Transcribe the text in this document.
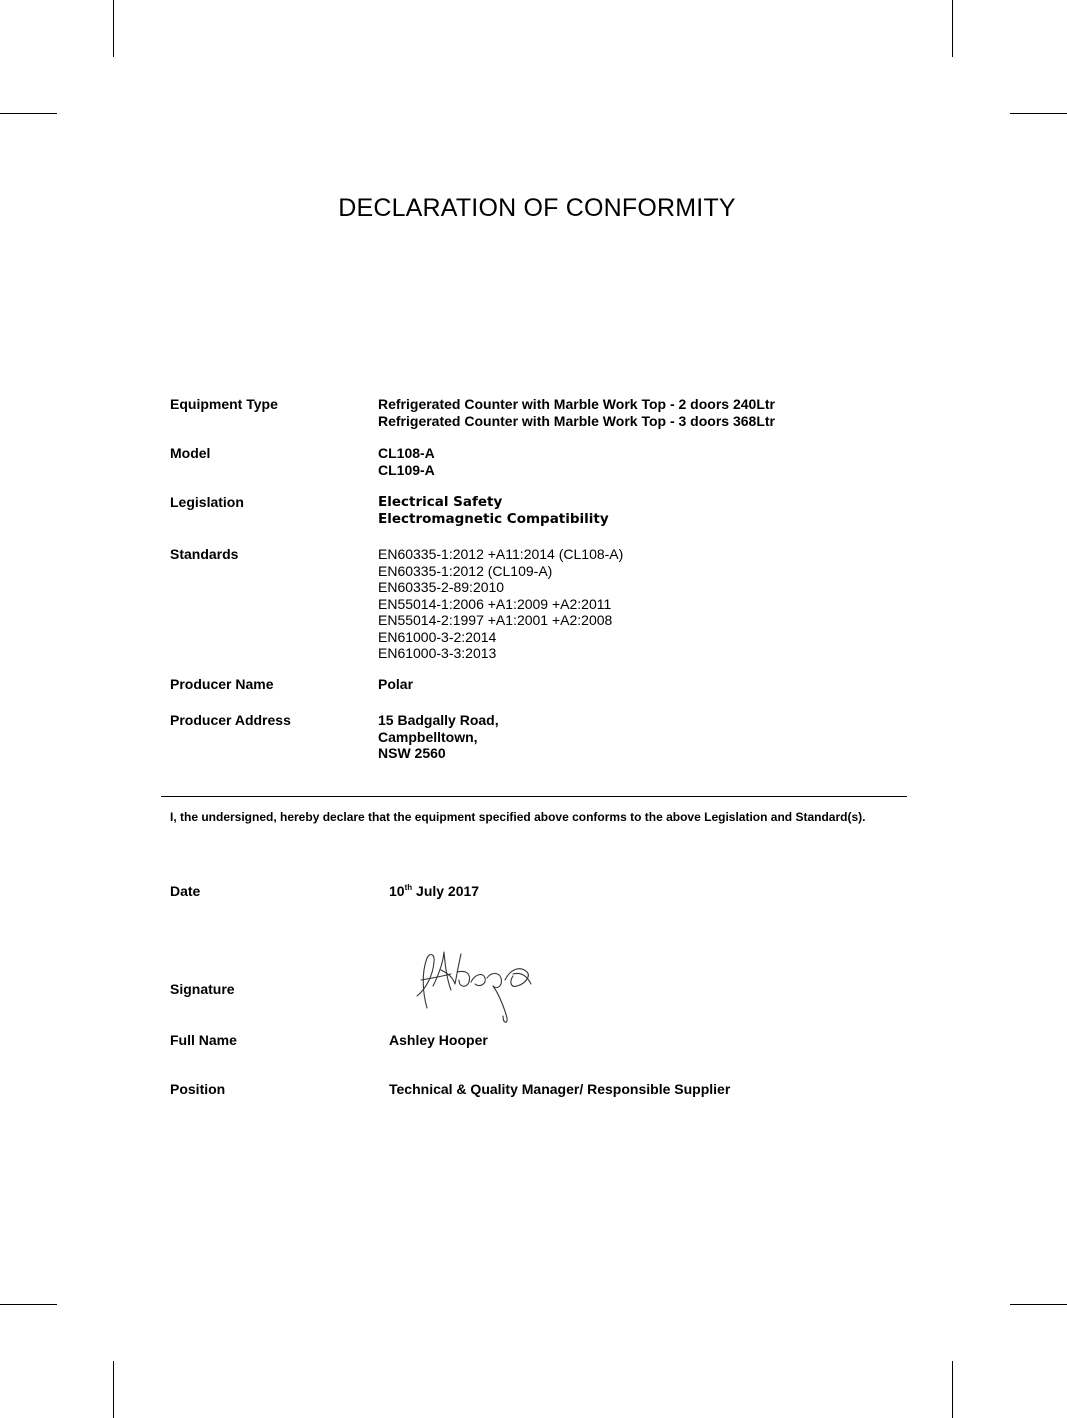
DECLARATION OF CONFORMITY
Equipment Type	Refrigerated Counter with Marble Work Top - 2 doors 240Ltr
Refrigerated Counter with Marble Work Top - 3 doors 368Ltr
Model	CL108-A
CL109-A
Legislation	Electrical Safety
Electromagnetic Compatibility
Standards	EN60335-1:2012 +A11:2014 (CL108-A)
EN60335-1:2012 (CL109-A)
EN60335-2-89:2010
EN55014-1:2006 +A1:2009 +A2:2011
EN55014-2:1997 +A1:2001 +A2:2008
EN61000-3-2:2014
EN61000-3-3:2013
Producer Name	Polar
Producer Address	15 Badgally Road,
Campbelltown,
NSW 2560
I, the undersigned, hereby declare that the equipment specified above conforms to the above Legislation and Standard(s).
Date	10th July 2017
Signature
Full Name	Ashley Hooper
Position	Technical & Quality Manager/ Responsible Supplier
